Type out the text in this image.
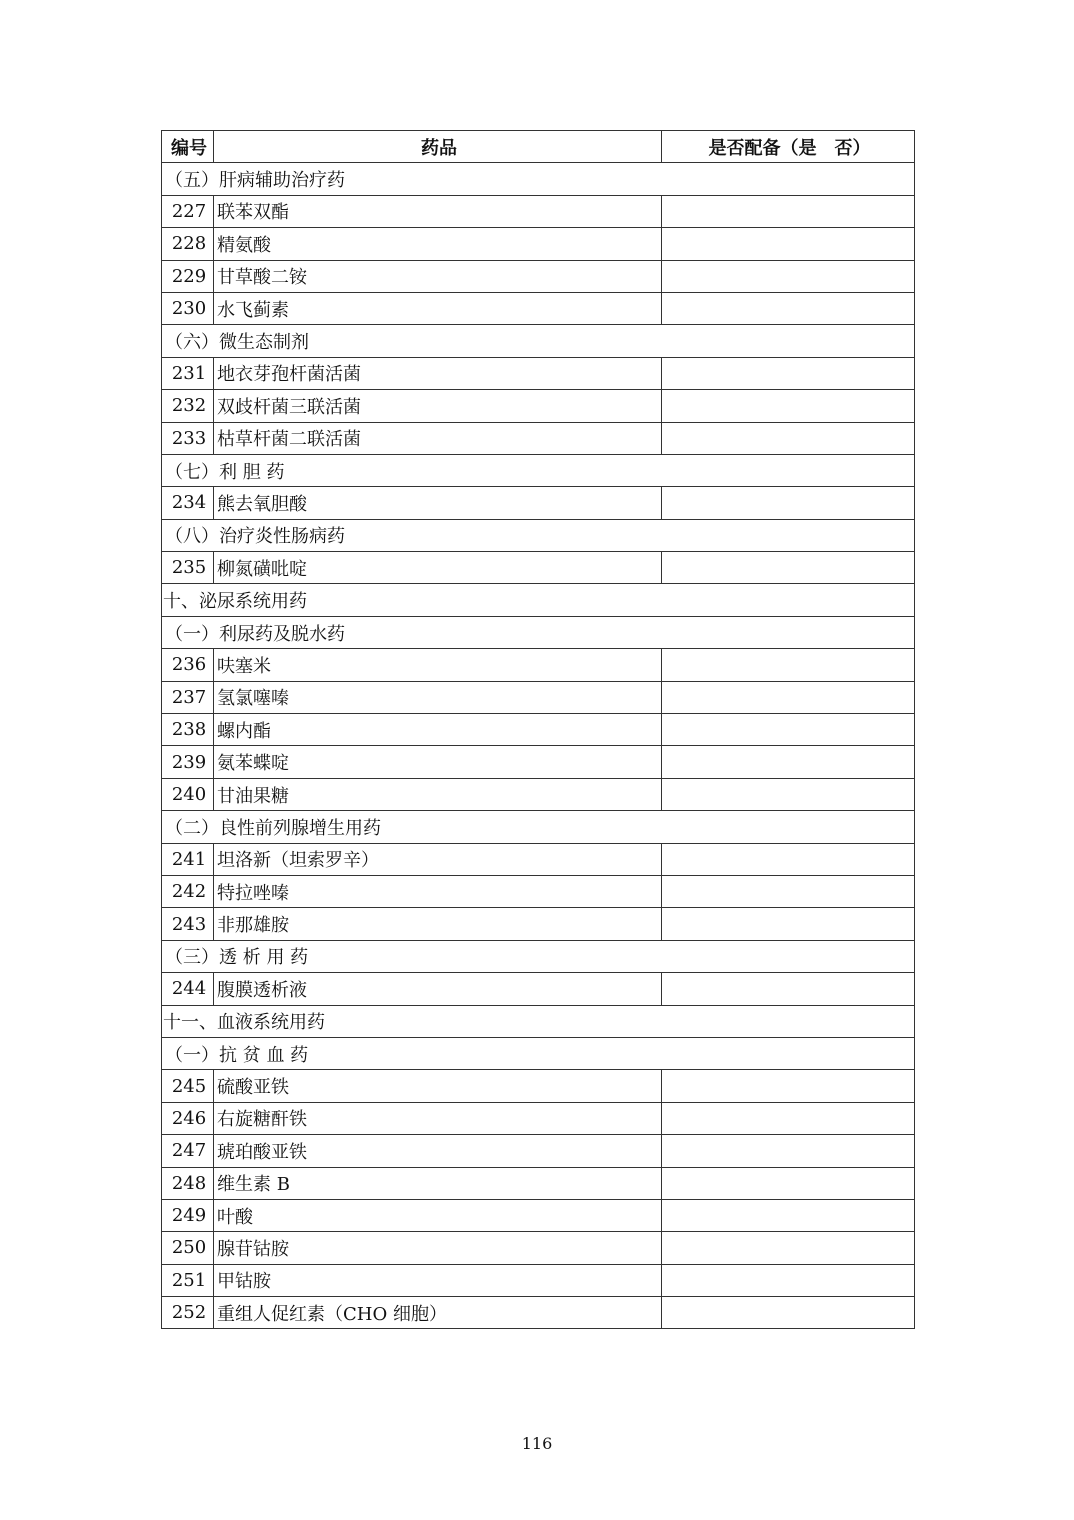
编号	药品	是否配备（是　否）
（五）肝病辅助治疗药		
227	联苯双酯	
228	精氨酸	
229	甘草酸二铵	
230	水飞蓟素	
（六）微生态制剂		
231	地衣芽孢杆菌活菌	
232	双歧杆菌三联活菌	
233	枯草杆菌二联活菌	
（七）利 胆 药		
234	熊去氧胆酸	
（八）治疗炎性肠病药		
235	柳氮磺吡啶	
十、泌尿系统用药		
（一）利尿药及脱水药		
236	呋塞米	
237	氢氯噻嗪	
238	螺内酯	
239	氨苯蝶啶	
240	甘油果糖	
（二）良性前列腺增生用药		
241	坦洛新（坦索罗辛）	
242	特拉唑嗪	
243	非那雄胺	
（三）透 析 用 药		
244	腹膜透析液	
十一、血液系统用药		
（一）抗 贫 血 药		
245	硫酸亚铁	
246	右旋糖酐铁	
247	琥珀酸亚铁	
248	维生素 B	
249	叶酸	
250	腺苷钴胺	
251	甲钴胺	
252	重组人促红素（CHO 细胞）	
116
